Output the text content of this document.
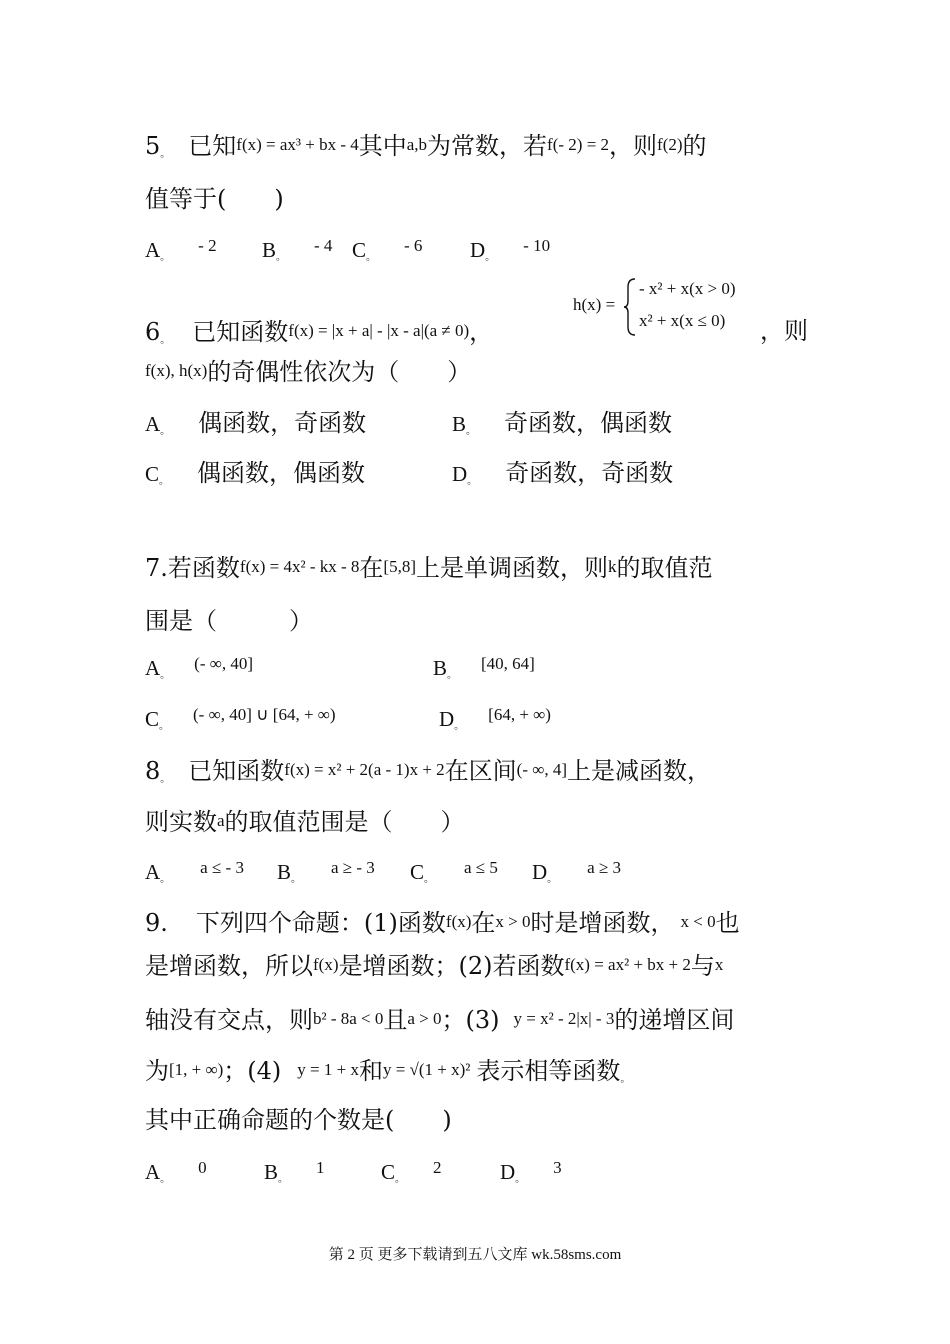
5。 已知f(x) = ax³ + bx - 4其中a,b为常数，若f(- 2) = 2，则f(2)的
值等于(　　)
A。$^{- 2}$ B。$^{- 4}$ C。$^{- 6}$ D。$^{- 10}$
6。 已知函数f(x) = |x + a| - |x - a|(a ≠ 0)，
h(x) =
- x² + x(x > 0)
x² + x(x ≤ 0) ，则
f(x), h(x)的奇偶性依次为（　　）
A。 偶函数，奇函数	B。 奇函数，偶函数
C。 偶函数，偶函数	D。 奇函数，奇函数
7.若函数f(x) = 4x² - kx - 8在[5,8]上是单调函数，则k的取值范
围是（　　　）
A。$^{(- \infty, 40]}$	B。[40, 64]
C。$^{(- \infty, 40] \cup [64, + \infty)}$	D。$^{[64, + \infty)}$
8。 已知函数f(x) = x² + 2(a - 1)x + 2在区间(- ∞, 4]上是减函数，
则实数a的取值范围是（　　）
A。$^{a \le - 3}$ B。$^{a \ge - 3}$ C。$^{a \le 5}$ D。$^{a \ge 3}$
9. 下列四个命题：(1)函数f(x)在x > 0时是增函数， x < 0也
是增函数，所以f(x)是增函数；(2)若函数f(x) = ax² + bx + 2与x
轴没有交点，则b² - 8a < 0且a > 0；(3) y = x² - 2|x| - 3的递增区间
为[1, + ∞)；(4) y = 1 + x和y = √(1 + x)² 表示相等函数。
其中正确命题的个数是(　　)
A。$^0$	B。$^1$	C。$^2$	D。$^3$
第 2 页 更多下载请到五八文库 wk.58sms.com
